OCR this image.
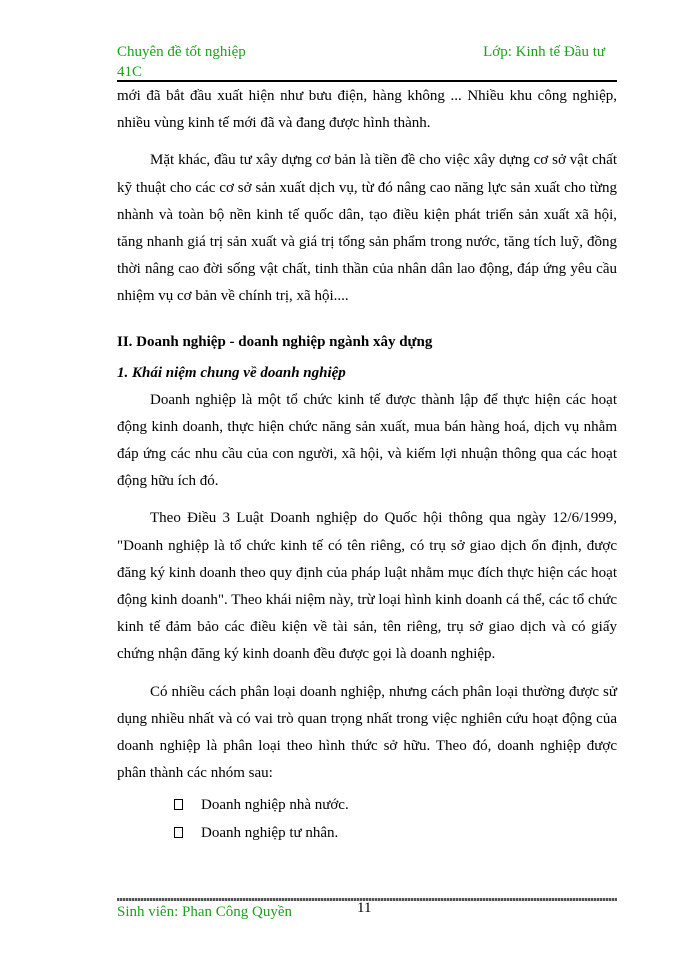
Chuyên đề tốt nghiệp
41C
Lớp: Kinh tế Đầu tư

mới đã bắt đầu xuất hiện như bưu điện, hàng không ... Nhiều khu công nghiệp, nhiều vùng kinh tế mới đã và đang được hình thành.

Mặt khác, đầu tư xây dựng cơ bản là tiền đề cho việc xây dựng cơ sở vật chất kỹ thuật cho các cơ sở sản xuất dịch vụ, từ đó nâng cao năng lực sản xuất cho từng nhành và toàn bộ nền kinh tế quốc dân, tạo điều kiện phát triển sản xuất xã hội, tăng nhanh giá trị sản xuất và giá trị tổng sản phẩm trong nước, tăng tích luỹ, đồng thời nâng cao đời sống vật chất, tinh thần của nhân dân lao động, đáp ứng yêu cầu nhiệm vụ cơ bản về chính trị, xã hội....

II. Doanh nghiệp - doanh nghiệp ngành xây dựng
1. Khái niệm chung về doanh nghiệp

Doanh nghiệp là một tổ chức kinh tế được thành lập để thực hiện các hoạt động kinh doanh, thực hiện chức năng sản xuất, mua bán hàng hoá, dịch vụ nhằm đáp ứng các nhu cầu của con người, xã hội, và kiếm lợi nhuận thông qua các hoạt động hữu ích đó.

Theo Điều 3 Luật Doanh nghiệp do Quốc hội thông qua ngày 12/6/1999, "Doanh nghiệp là tổ chức kinh tế có tên riêng, có trụ sở giao dịch ổn định, được đăng ký kinh doanh theo quy định của pháp luật nhằm mục đích thực hiện các hoạt động kinh doanh". Theo khái niệm này, trừ loại hình kinh doanh cá thể, các tổ chức kinh tế đảm bảo các điều kiện về tài sản, tên riêng, trụ sở giao dịch và có giấy chứng nhận đăng ký kinh doanh đều được gọi là doanh nghiệp.

Có nhiều cách phân loại doanh nghiệp, nhưng cách phân loại thường được sử dụng nhiều nhất và có vai trò quan trọng nhất trong việc nghiên cứu hoạt động của doanh nghiệp là phân loại theo hình thức sở hữu. Theo đó, doanh nghiệp được phân thành các nhóm sau:

Doanh nghiệp nhà nước.
Doanh nghiệp tư nhân.
Sinh viên: Phan Công Quyền	11
